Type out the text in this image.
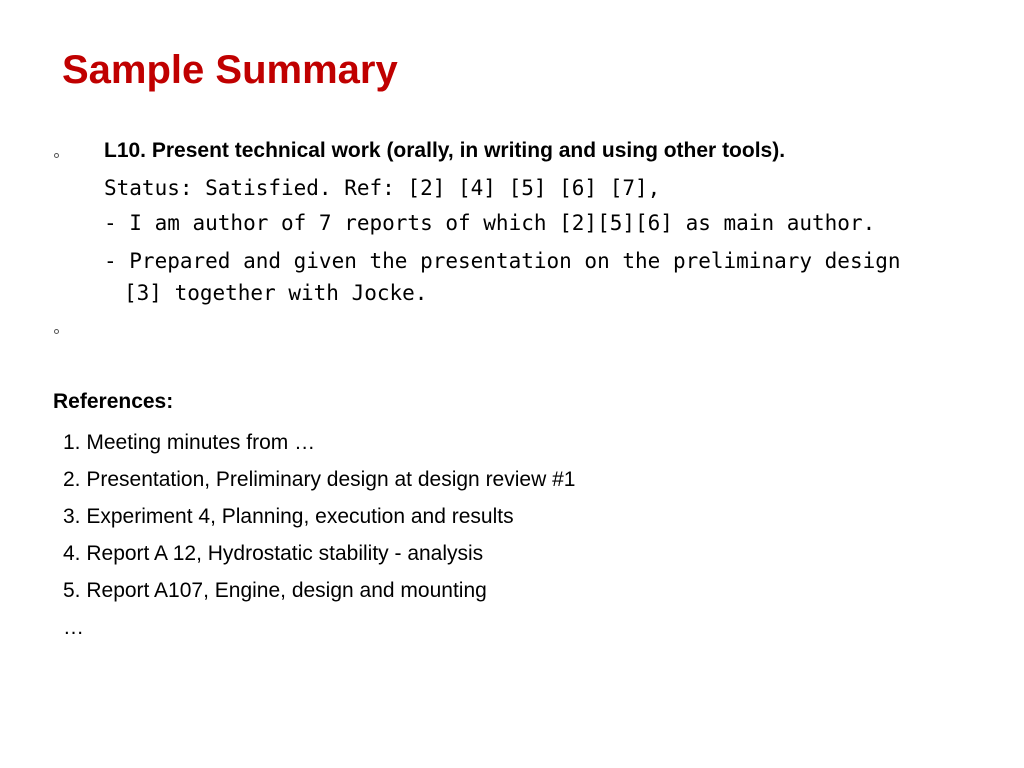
Sample Summary
L10. Present technical work (orally, in writing and using other tools).
Status: Satisfied. Ref: [2] [4] [5] [6] [7],
- I am author of 7 reports of which [2][5][6] as main author.
- Prepared and given the presentation on the preliminary design
[3] together with Jocke.
References:
1. Meeting minutes from …
2. Presentation, Preliminary design at design review #1
3. Experiment 4, Planning, execution and results
4. Report A 12, Hydrostatic stability - analysis
5. Report A107, Engine, design and mounting
…
